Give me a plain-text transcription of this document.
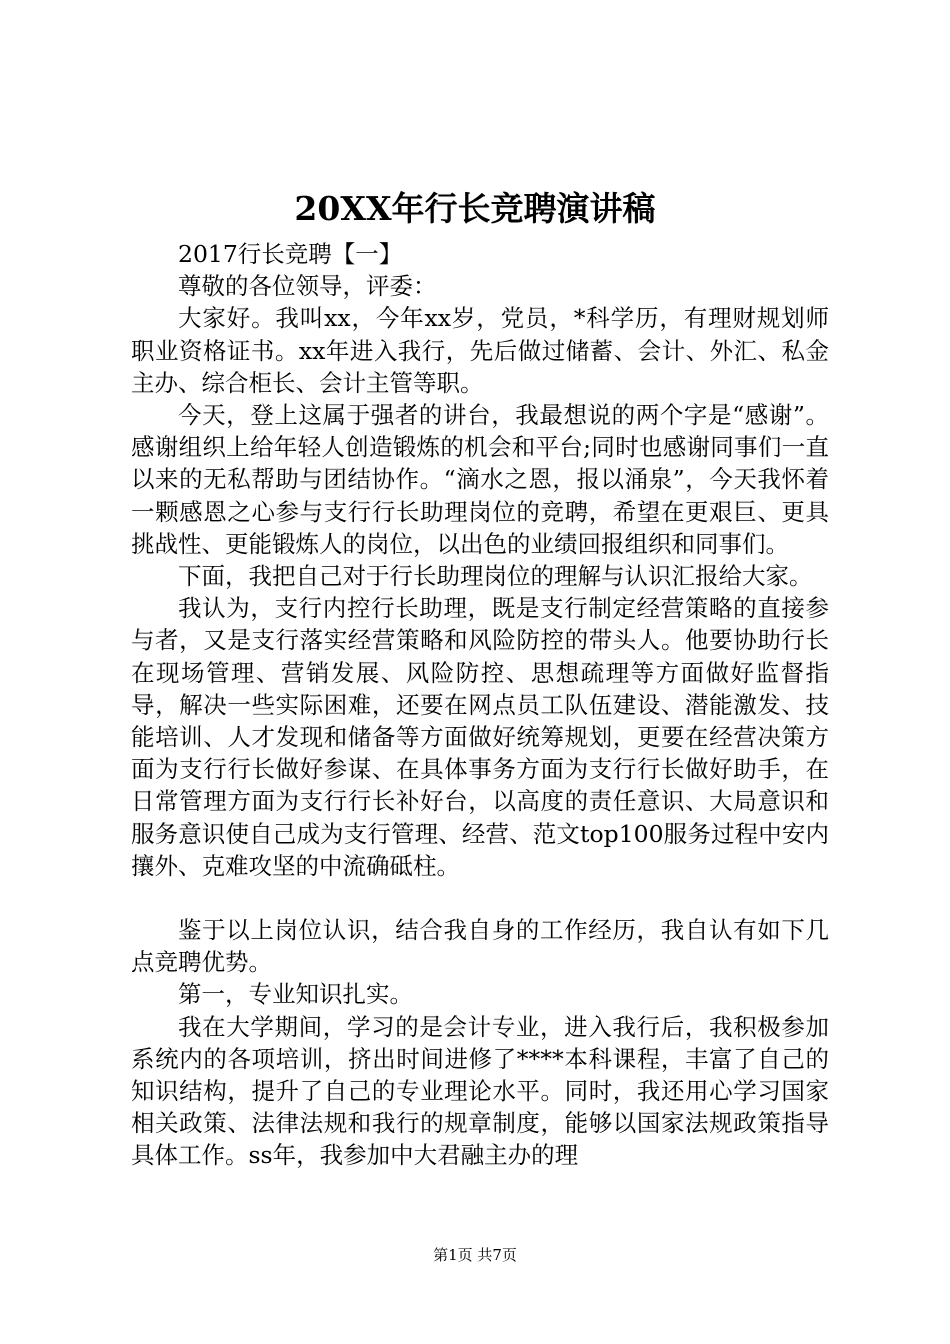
20XX年行长竞聘演讲稿

2017行长竞聘【一】

尊敬的各位领导，评委：

大家好。我叫xx，今年xx岁，党员，*科学历，有理财规划师职业资格证书。xx年进入我行，先后做过储蓄、会计、外汇、私金主办、综合柜长、会计主管等职。

今天，登上这属于强者的讲台，我最想说的两个字是“感谢”。感谢组织上给年轻人创造锻炼的机会和平台;同时也感谢同事们一直以来的无私帮助与团结协作。“滴水之恩，报以涌泉”，今天我怀着一颗感恩之心参与支行行长助理岗位的竞聘，希望在更艰巨、更具挑战性、更能锻炼人的岗位，以出色的业绩回报组织和同事们。

下面，我把自己对于行长助理岗位的理解与认识汇报给大家。

我认为，支行内控行长助理，既是支行制定经营策略的直接参与者，又是支行落实经营策略和风险防控的带头人。他要协助行长在现场管理、营销发展、风险防控、思想疏理等方面做好监督指导，解决一些实际困难，还要在网点员工队伍建设、潜能激发、技能培训、人才发现和储备等方面做好统筹规划，更要在经营决策方面为支行行长做好参谋、在具体事务方面为支行行长做好助手，在日常管理方面为支行行长补好台，以高度的责任意识、大局意识和服务意识使自己成为支行管理、经营、范文top100服务过程中安内攘外、克难攻坚的中流确砥柱。

鉴于以上岗位认识，结合我自身的工作经历，我自认有如下几点竞聘优势。

第一，专业知识扎实。

我在大学期间，学习的是会计专业，进入我行后，我积极参加系统内的各项培训，挤出时间进修了****本科课程，丰富了自己的知识结构，提升了自己的专业理论水平。同时，我还用心学习国家相关政策、法律法规和我行的规章制度，能够以国家法规政策指导具体工作。ss年，我参加中大君融主办的理

第1页 共7页
